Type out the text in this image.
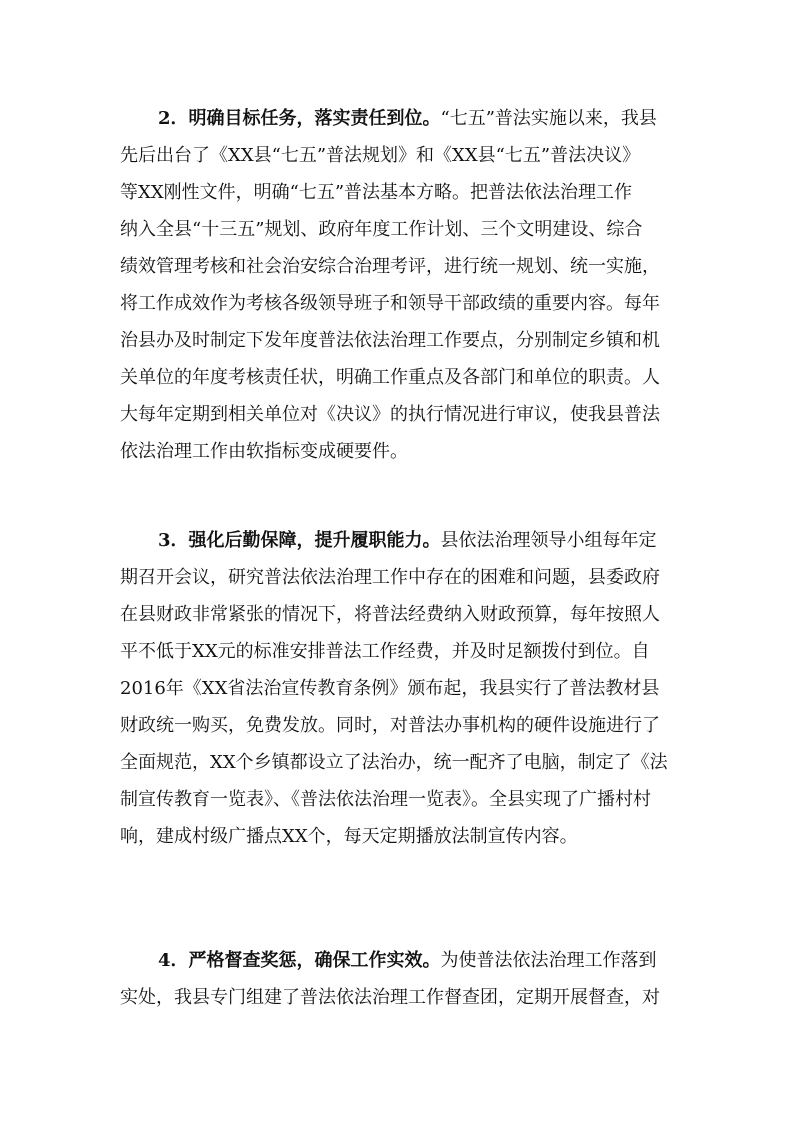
2．明确目标任务，落实责任到位。“七五”普法实施以来，我县
先后出台了《XX县“七五”普法规划》和《XX县“七五”普法决议》
等XX刚性文件，明确“七五”普法基本方略。把普法依法治理工作
纳入全县“十三五”规划、政府年度工作计划、三个文明建设、综合
绩效管理考核和社会治安综合治理考评，进行统一规划、统一实施，
将工作成效作为考核各级领导班子和领导干部政绩的重要内容。每年
治县办及时制定下发年度普法依法治理工作要点，分别制定乡镇和机
关单位的年度考核责任状，明确工作重点及各部门和单位的职责。人
大每年定期到相关单位对《决议》的执行情况进行审议，使我县普法
依法治理工作由软指标变成硬要件。
3．强化后勤保障，提升履职能力。县依法治理领导小组每年定
期召开会议，研究普法依法治理工作中存在的困难和问题，县委政府
在县财政非常紧张的情况下，将普法经费纳入财政预算，每年按照人
平不低于XX元的标准安排普法工作经费，并及时足额拨付到位。自
2016年《XX省法治宣传教育条例》颁布起，我县实行了普法教材县
财政统一购买，免费发放。同时，对普法办事机构的硬件设施进行了
全面规范，XX个乡镇都设立了法治办，统一配齐了电脑，制定了《法
制宣传教育一览表》、《普法依法治理一览表》。全县实现了广播村村
响，建成村级广播点XX个，每天定期播放法制宣传内容。
4．严格督查奖惩，确保工作实效。为使普法依法治理工作落到
实处，我县专门组建了普法依法治理工作督查团，定期开展督查，对
